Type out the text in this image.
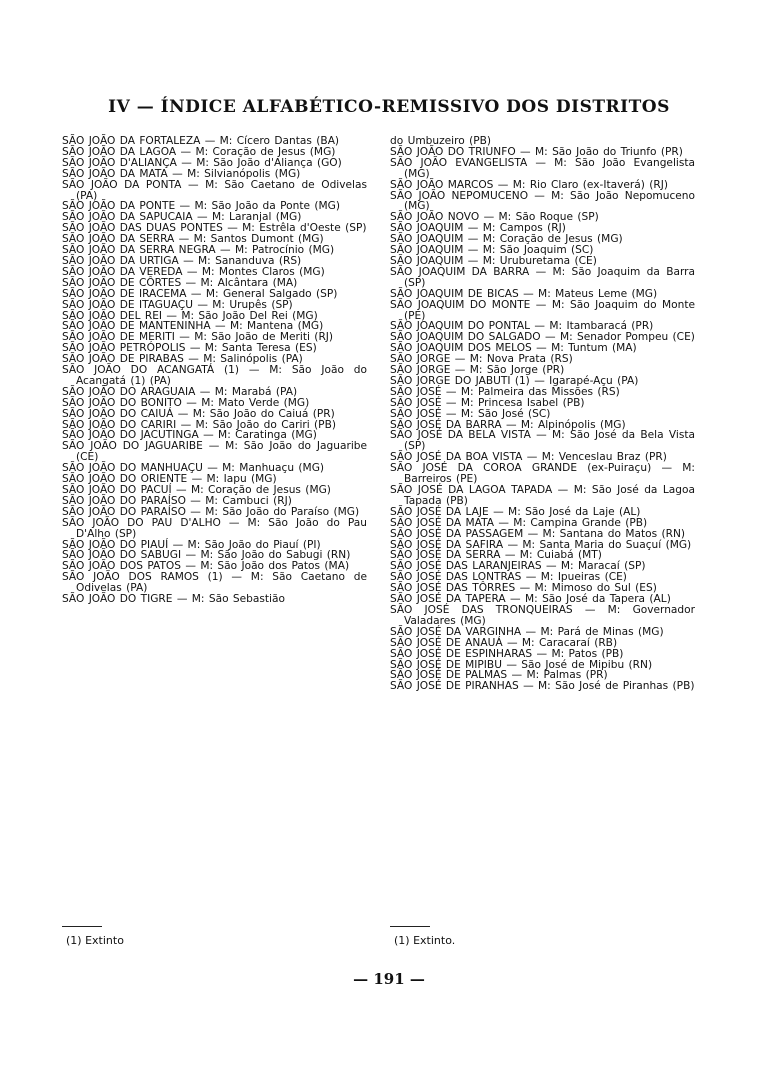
IV — ÍNDICE ALFABÉTICO-REMISSIVO DOS DISTRITOS

SÃO JOÃO DA FORTALEZA — M: Cícero Dantas (BA)

SÃO JOÃO DA LAGOA — M: Coração de Jesus (MG)

SÃO JOÃO D'ALIANÇA — M: São João d'Aliança (GO)

SÃO JOÃO DA MATA — M: Silvianópolis (MG)

SÃO JOÃO DA PONTA — M: São Caetano de Odivelas (PA)

SÃO JOÃO DA PONTE — M: São João da Ponte (MG)

SÃO JOÃO DA SAPUCAIA — M: Laranjal (MG)

SÃO JOÃO DAS DUAS PONTES — M: Estrêla d'Oeste (SP)

SÃO JOÃO DA SERRA — M: Santos Dumont (MG)

SÃO JOÃO DA SERRA NEGRA — M: Patrocínio (MG)

SÃO JOÃO DA URTIGA — M: Sananduva (RS)

SÃO JOÃO DA VEREDA — M: Montes Claros (MG)

SÃO JOÃO DE CÔRTES — M: Alcântara (MA)

SÃO JOÃO DE IRACEMA — M: General Salgado (SP)

SÃO JOÃO DE ITAGUAÇU — M: Urupês (SP)

SÃO JOÃO DEL REI — M: São João Del Rei (MG)

SÃO JOÃO DE MANTENINHA — M: Mantena (MG)

SÃO JOÃO DE MERITI — M: São João de Meriti (RJ)

SÃO JOÃO PETRÓPOLIS — M: Santa Teresa (ES)

SÃO JOÃO DE PIRABAS — M: Salinópolis (PA)

SÃO JOÃO DO ACANGATÁ (1) — M: São João do Acangatá (1) (PA)

SÃO JOÃO DO ARAGUAIA — M: Marabá (PA)

SÃO JOÃO DO BONITO — M: Mato Verde (MG)

SÃO JOÃO DO CAIUÁ — M: São João do Caiuá (PR)

SÃO JOÃO DO CARIRI — M: São João do Cariri (PB)

SÃO JOÃO DO JACUTINGA — M: Caratinga (MG)

SÃO JOÃO DO JAGUARIBE — M: São João do Jaguaribe (CE)

SÃO JOÃO DO MANHUAÇU — M: Manhuaçu (MG)

SÃO JOÃO DO ORIENTE — M: Iapu (MG)

SÃO JOÃO DO PACUÍ — M: Coração de Jesus (MG)

SÃO JOÃO DO PARAÍSO — M: Cambuci (RJ)

SÃO JOÃO DO PARAÍSO — M: São João do Paraíso (MG)

SÃO JOÃO DO PAU D'ALHO — M: São João do Pau D'Alho (SP)

SÃO JOÃO DO PIAUÍ — M: São João do Piauí (PI)

SÃO JOÃO DO SABUGI — M: São João do Sabugi (RN)

SÃO JOÃO DOS PATOS — M: São João dos Patos (MA)

SÃO JOÃO DOS RAMOS (1) — M: São Caetano de Odivelas (PA)

SÃO JOÃO DO TIGRE — M: São Sebastião

do Umbuzeiro (PB)

SÃO JOÃO DO TRIUNFO — M: São João do Triunfo (PR)

SÃO JOÃO EVANGELISTA — M: São João Evangelista (MG)

SÃO JOÃO MARCOS — M: Rio Claro (ex-Itaverá) (RJ)

SÃO JOÃO NEPOMUCENO — M: São João Nepomuceno (MG)

SÃO JOÃO NOVO — M: São Roque (SP)

SÃO JOAQUIM — M: Campos (RJ)

SÃO JOAQUIM — M: Coração de Jesus (MG)

SÃO JOAQUIM — M: São Joaquim (SC)

SÃO JOAQUIM — M: Uruburetama (CE)

SÃO JOAQUIM DA BARRA — M: São Joaquim da Barra (SP)

SÃO JOAQUIM DE BICAS — M: Mateus Leme (MG)

SÃO JOAQUIM DO MONTE — M: São Joaquim do Monte (PE)

SÃO JOAQUIM DO PONTAL — M: Itambaracá (PR)

SÃO JOAQUIM DO SALGADO — M: Senador Pompeu (CE)

SÃO JOAQUIM DOS MELOS — M: Tuntum (MA)

SÃO JORGE — M: Nova Prata (RS)

SÃO JORGE — M: São Jorge (PR)

SÃO JORGE DO JABUTI (1) — Igarapé-Açu (PA)

SÃO JOSÉ — M: Palmeira das Missões (RS)

SÃO JOSÉ — M: Princesa Isabel (PB)

SÃO JOSÉ — M: São José (SC)

SÃO JOSÉ DA BARRA — M: Alpinópolis (MG)

SÃO JOSÉ DA BELA VISTA — M: São José da Bela Vista (SP)

SÃO JOSÉ DA BOA VISTA — M: Venceslau Braz (PR)

SÃO JOSÉ DA COROA GRANDE (ex-Puiraçu) — M: Barreiros (PE)

SÃO JOSÉ DA LAGOA TAPADA — M: São José da Lagoa Tapada (PB)

SÃO JOSÉ DA LAJE — M: São José da Laje (AL)

SÃO JOSÉ DA MATA — M: Campina Grande (PB)

SÃO JOSÉ DA PASSAGEM — M: Santana do Matos (RN)

SÃO JOSÉ DA SAFIRA — M: Santa Maria do Suaçuí (MG)

SÃO JOSÉ DA SERRA — M: Cuiabá (MT)

SÃO JOSÉ DAS LARANJEIRAS — M: Maracaí (SP)

SÃO JOSÉ DAS LONTRAS — M: Ipueiras (CE)

SÃO JOSÉ DAS TÔRRES — M: Mimoso do Sul (ES)

SÃO JOSÉ DA TAPERA — M: São José da Tapera (AL)

SÃO JOSÉ DAS TRONQUEIRAS — M: Governador Valadares (MG)

SÃO JOSÉ DA VARGINHA — M: Pará de Minas (MG)

SÃO JOSÉ DE ANAUÁ — M: Caracaraí (RB)

SÃO JOSÉ DE ESPINHARAS — M: Patos (PB)

SÃO JOSÉ DE MIPIBU — São José de Mipibu (RN)

SÃO JOSÉ DE PALMAS — M: Palmas (PR)

SÃO JOSÉ DE PIRANHAS — M: São José de Piranhas (PB)

(1) Extinto	(1) Extinto.
— 191 —
